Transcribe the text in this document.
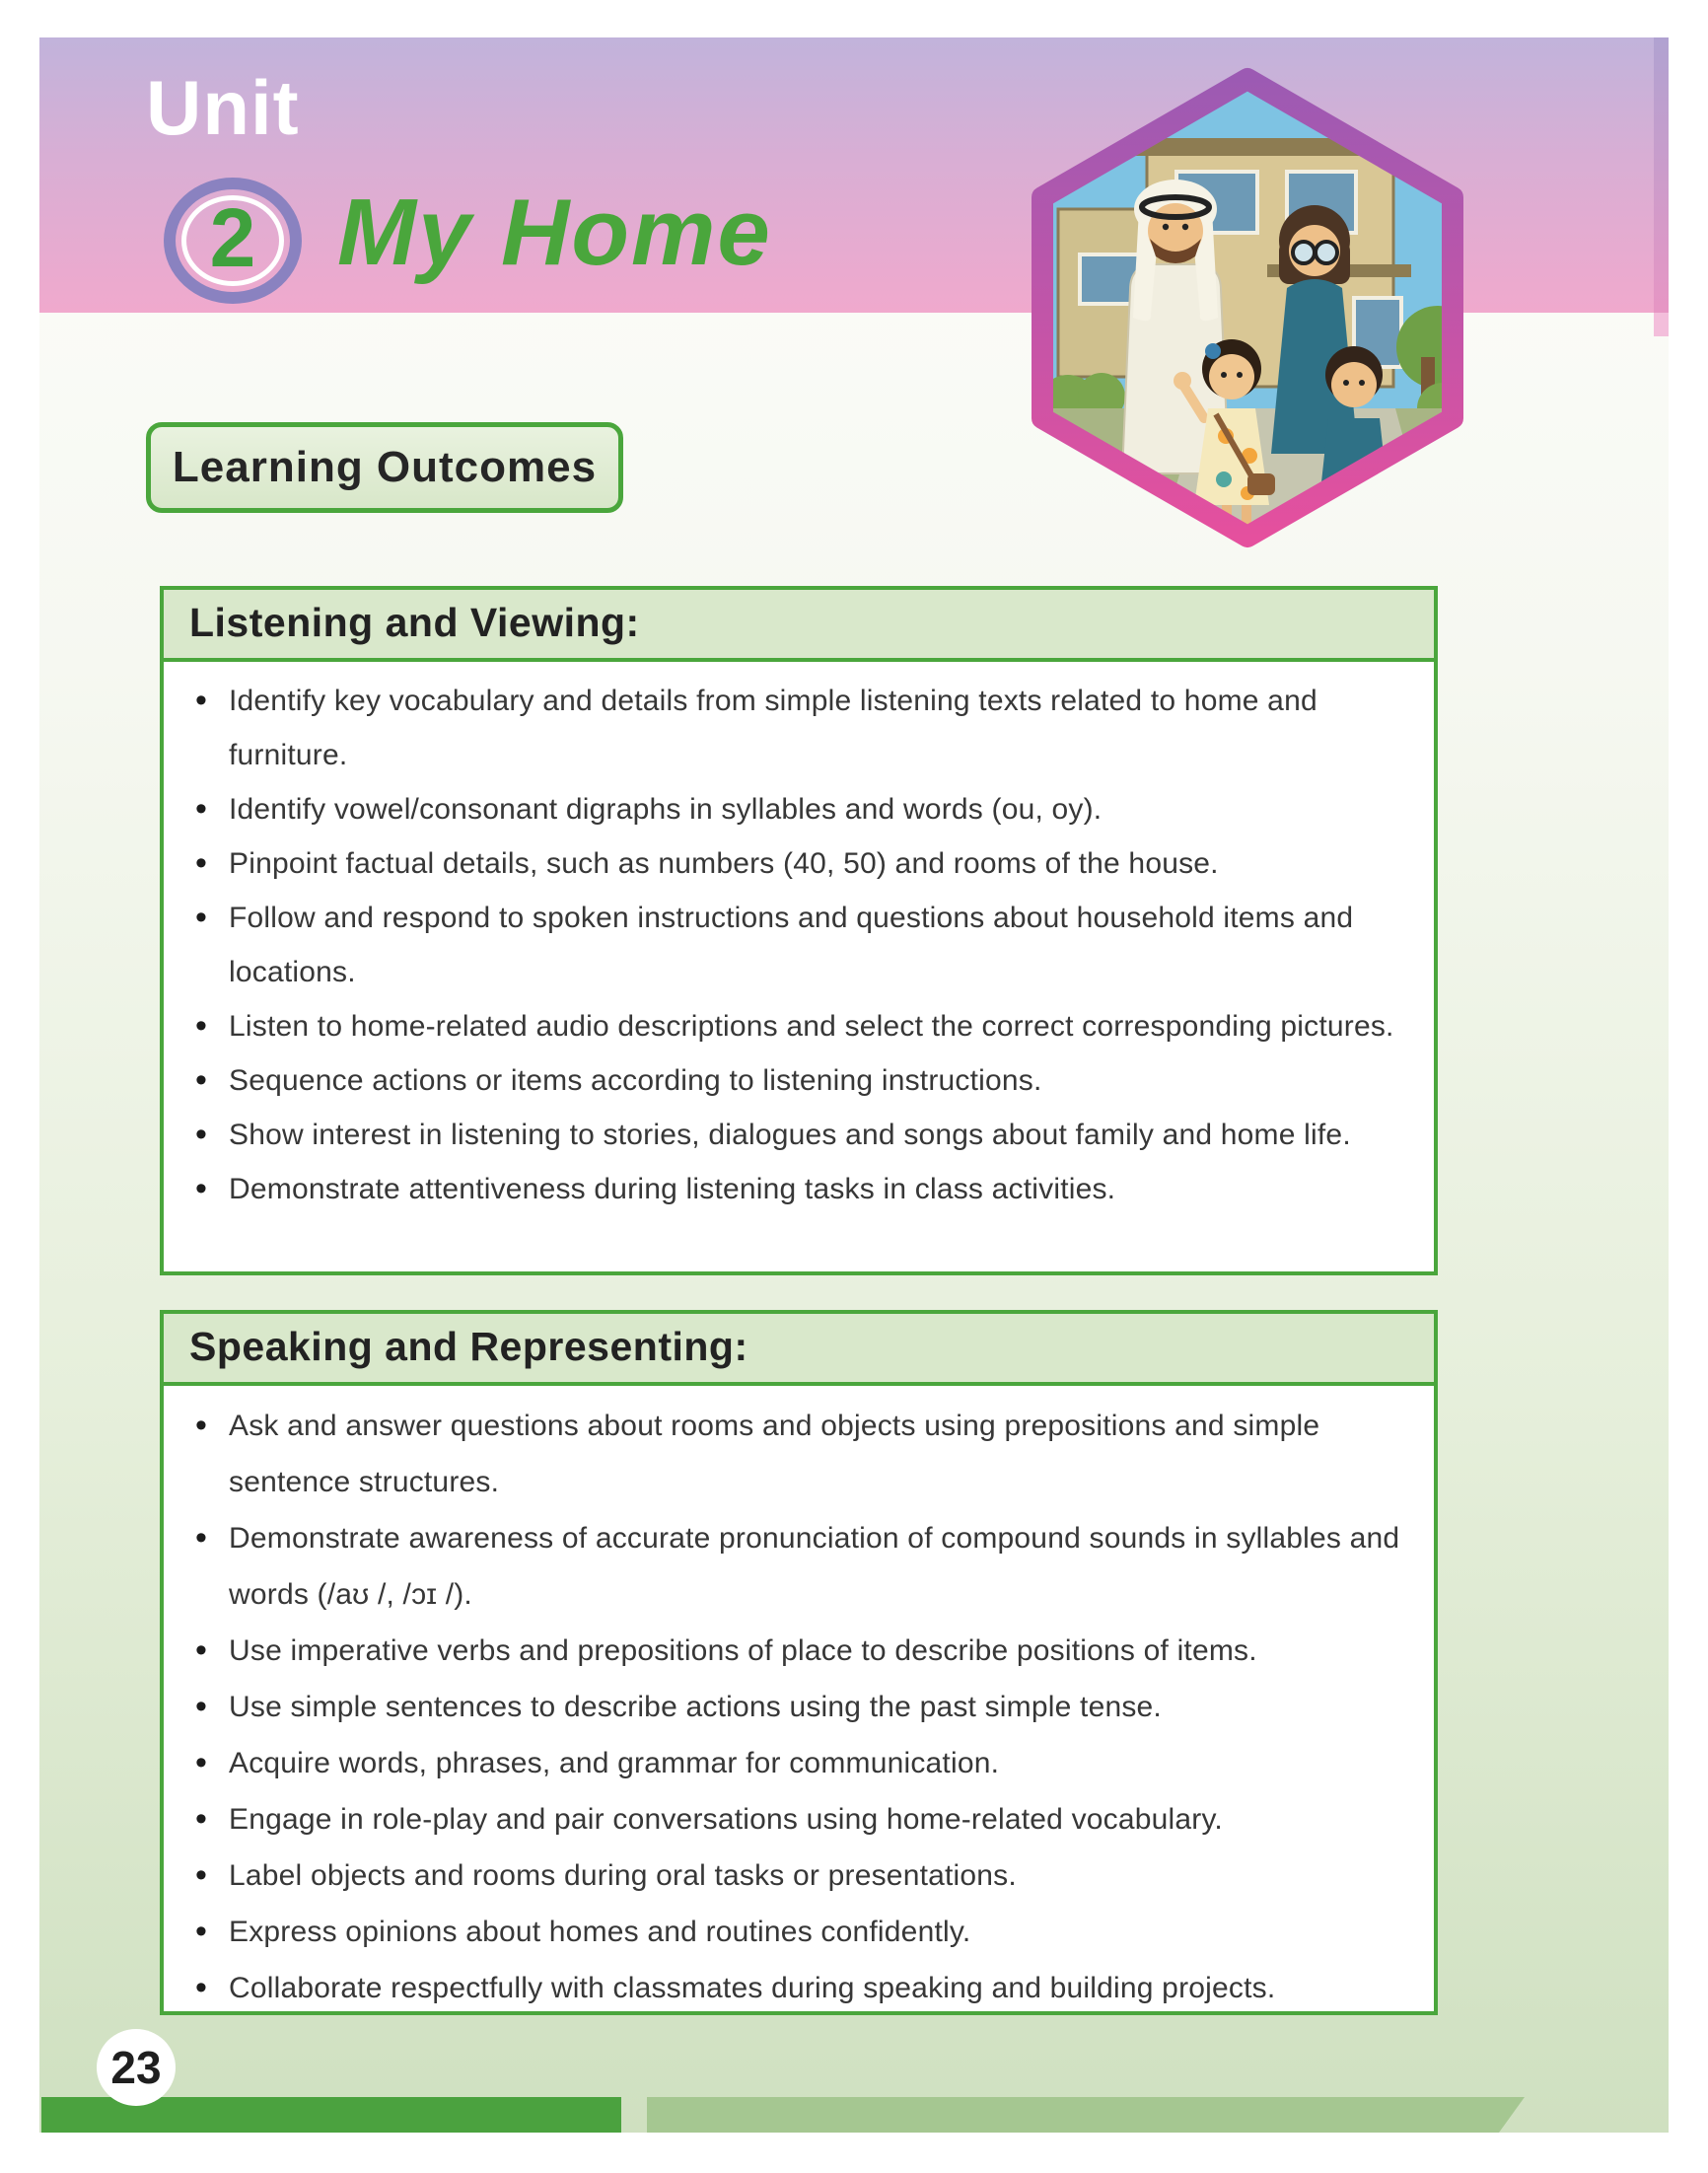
Unit
2 My Home
Learning Outcomes
Listening and Viewing:
• Identify key vocabulary and details from simple listening texts related to home and furniture.
• Identify vowel/consonant digraphs in syllables and words (ou, oy).
• Pinpoint factual details, such as numbers (40, 50) and rooms of the house.
• Follow and respond to spoken instructions and questions about household items and locations.
• Listen to home-related audio descriptions and select the correct corresponding pictures.
• Sequence actions or items according to listening instructions.
• Show interest in listening to stories, dialogues and songs about family and home life.
• Demonstrate attentiveness during listening tasks in class activities.
Speaking and Representing:
• Ask and answer questions about rooms and objects using prepositions and simple sentence structures.
• Demonstrate awareness of accurate pronunciation of compound sounds in syllables and words (/aʊ /, /ɔɪ /).
• Use imperative verbs and prepositions of place to describe positions of items.
• Use simple sentences to describe actions using the past simple tense.
• Acquire words, phrases, and grammar for communication.
• Engage in role-play and pair conversations using home-related vocabulary.
• Label objects and rooms during oral tasks or presentations.
• Express opinions about homes and routines confidently.
• Collaborate respectfully with classmates during speaking and building projects.
23
